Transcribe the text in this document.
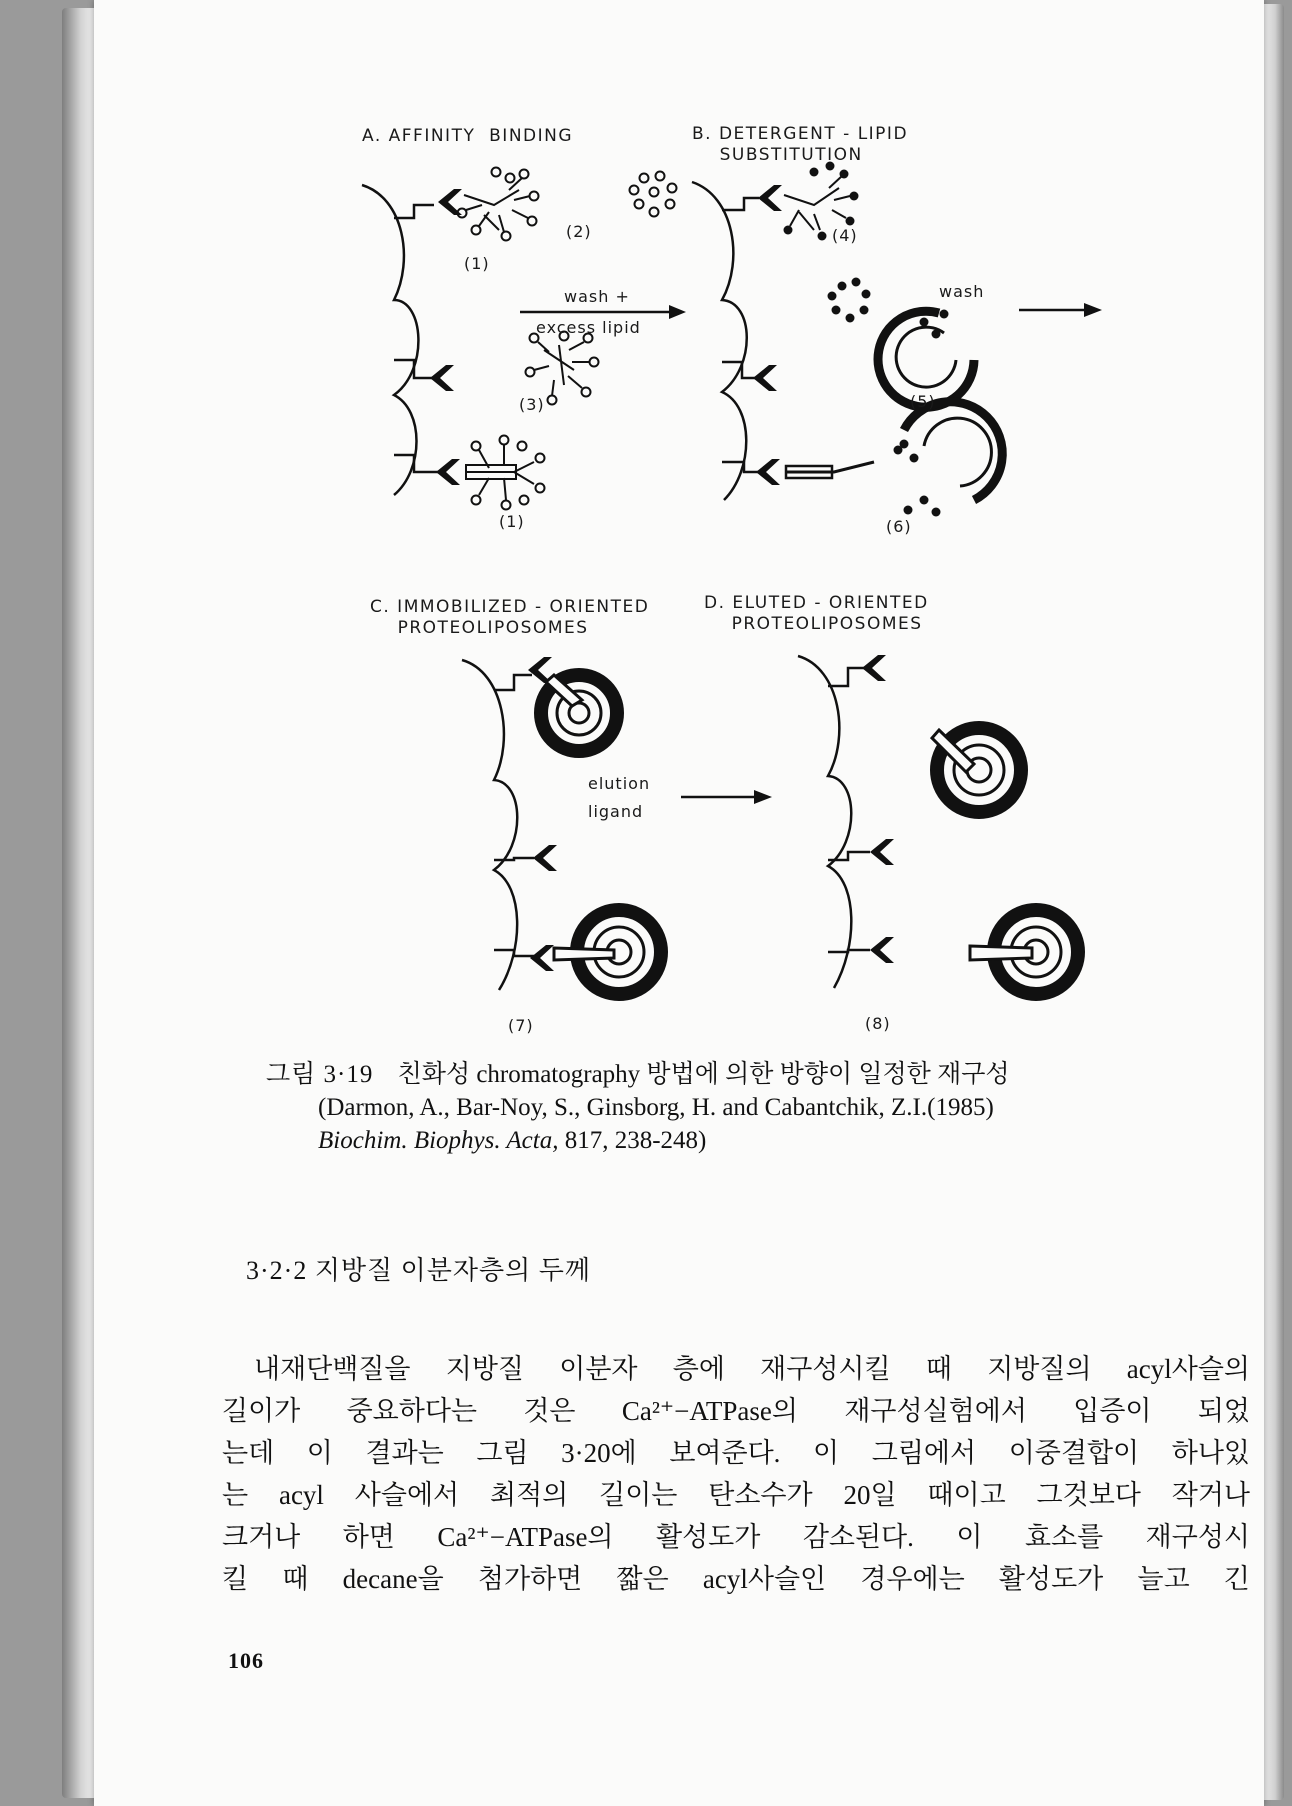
A. AFFINITY  BINDING	B. DETERGENT - LIPID
SUBSTITUTION
C. IMMOBILIZED - ORIENTED
PROTEOLIPOSOMES
D. ELUTED - ORIENTED
PROTEOLIPOSOMES
wash +
excess lipid
wash
elution
ligand
(1)
(2)
(3)
(1)
(4)
(5)
(6)
(7)	(8)
그림 3·19 친화성 chromatography 방법에 의한 방향이 일정한 재구성
(Darmon, A., Bar-Noy, S., Ginsborg, H. and Cabantchik, Z.I.(1985)
Biochim. Biophys. Acta, 817, 238-248)
3·2·2 지방질 이분자층의 두께
내재단백질을 지방질 이분자 층에 재구성시킬 때 지방질의 acyl사슬의
길이가 중요하다는 것은 Ca²⁺−ATPase의 재구성실험에서 입증이 되었
는데 이 결과는 그림 3·20에 보여준다. 이 그림에서 이중결합이 하나있
는 acyl 사슬에서 최적의 길이는 탄소수가 20일 때이고 그것보다 작거나
크거나 하면 Ca²⁺−ATPase의 활성도가 감소된다. 이 효소를 재구성시
킬 때 decane을 첨가하면 짧은 acyl사슬인 경우에는 활성도가 늘고 긴
106
